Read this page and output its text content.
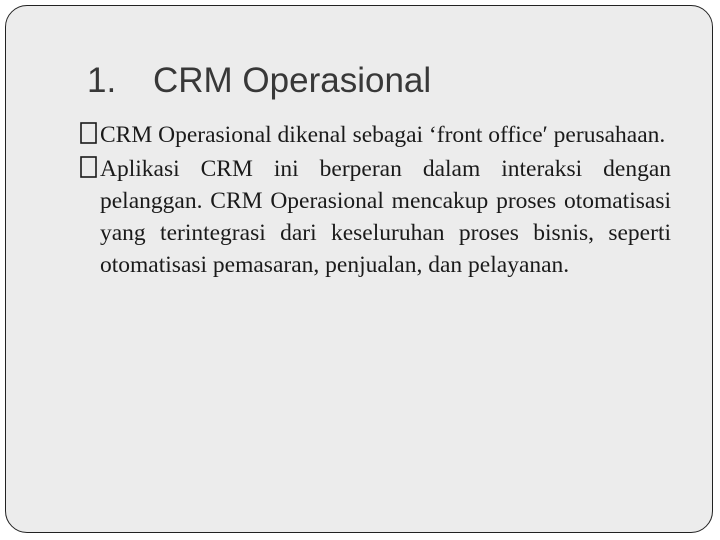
1. CRM Operasional

CRM Operasional dikenal sebagai ‘front office′ perusahaan.

Aplikasi CRM ini berperan dalam interaksi dengan pelanggan. CRM Operasional mencakup proses otomatisasi yang terintegrasi dari keseluruhan proses bisnis, seperti otomatisasi pemasaran, penjualan, dan pelayanan.
